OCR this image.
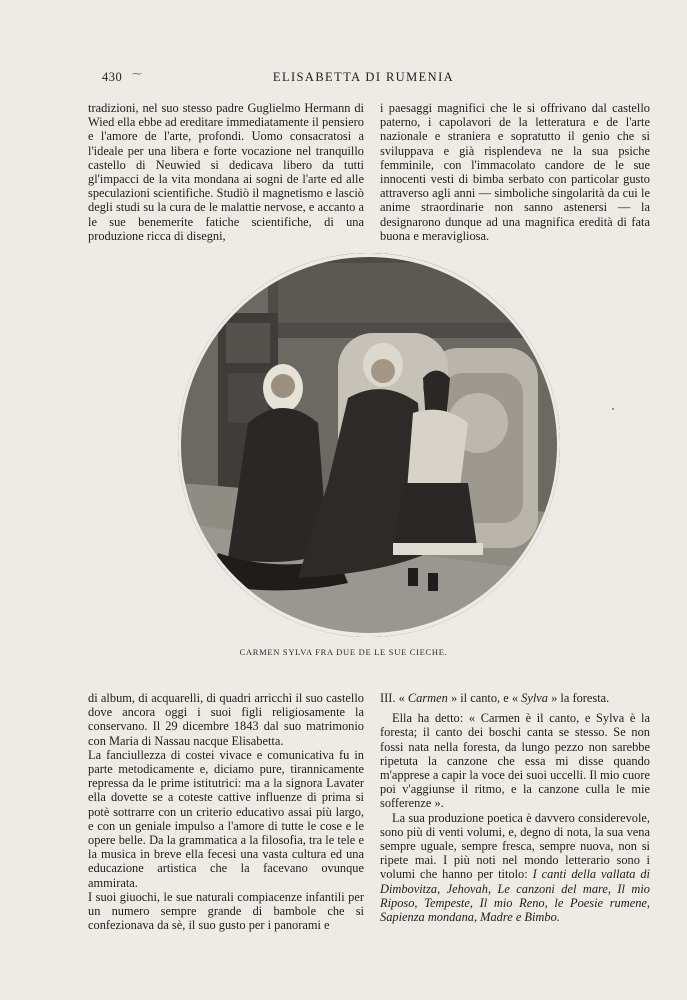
430 ⁓	ELISABETTA DI RUMENIA

tradizioni, nel suo stesso padre Guglielmo Hermann di Wied ella ebbe ad ereditare immediatamente il pensiero e l'amore de l'arte, profondi. Uomo consacratosi a l'ideale per una libera e forte vocazione nel tranquillo castello di Neuwied si dedicava libero da tutti gl'impacci de la vita mondana ai sogni de l'arte ed alle speculazioni scientifiche. Studiò il magnetismo e lasciò degli studi su la cura de le malattie nervose, e accanto a le sue benemerite fatiche scientifiche, di una produzione ricca di disegni,

i paesaggi magnifici che le si offrivano dal castello paterno, i capolavori de la letteratura e de l'arte nazionale e straniera e sopratutto il genio che si sviluppava e già risplendeva ne la sua psiche femminile, con l'immacolato candore de le sue innocenti vesti di bimba serbato con particolar gusto attraverso agli anni — simboliche singolarità da cui le anime straordinarie non sanno astenersi — la designarono dunque ad una magnifica eredità di fata buona e meravigliosa.

CARMEN SYLVA FRA DUE DE LE SUE CIECHE.

di album, di acquarelli, di quadri arricchì il suo castello dove ancora oggi i suoi figli religiosamente la conservano. Il 29 dicembre 1843 dal suo matrimonio con Maria di Nassau nacque Elisabetta.

La fanciullezza di costei vivace e comunicativa fu in parte metodicamente e, diciamo pure, tirannicamente repressa da le prime istitutrici: ma a la signora Lavater ella dovette se a coteste cattive influenze di prima si potè sottrarre con un criterio educativo assai più largo, e con un geniale impulso a l'amore di tutte le cose e le opere belle. Da la grammatica a la filosofia, tra le tele e la musica in breve ella fecesi una vasta cultura ed una educazione artistica che la facevano ovunque ammirata.

I suoi giuochi, le sue naturali compiacenze infantili per un numero sempre grande di bambole che si confezionava da sè, il suo gusto per i panorami e

III. « Carmen » il canto, e « Sylva » la foresta.

Ella ha detto: « Carmen è il canto, e Sylva è la foresta; il canto dei boschi canta se stesso. Se non fossi nata nella foresta, da lungo pezzo non sarebbe ripetuta la canzone che essa mi disse quando m'apprese a capir la voce dei suoi uccelli. Il mio cuore poi v'aggiunse il ritmo, e la canzone culla le mie sofferenze ».

La sua produzione poetica è davvero considerevole, sono più di venti volumi, e, degno di nota, la sua vena sempre uguale, sempre fresca, sempre nuova, non si ripete mai. I più noti nel mondo letterario sono i volumi che hanno per titolo: I canti della vallata di Dimbovitza, Jehovah, Le canzoni del mare, Il mio Riposo, Tempeste, Il mio Reno, le Poesie rumene, Sapienza mondana, Madre e Bimbo.
